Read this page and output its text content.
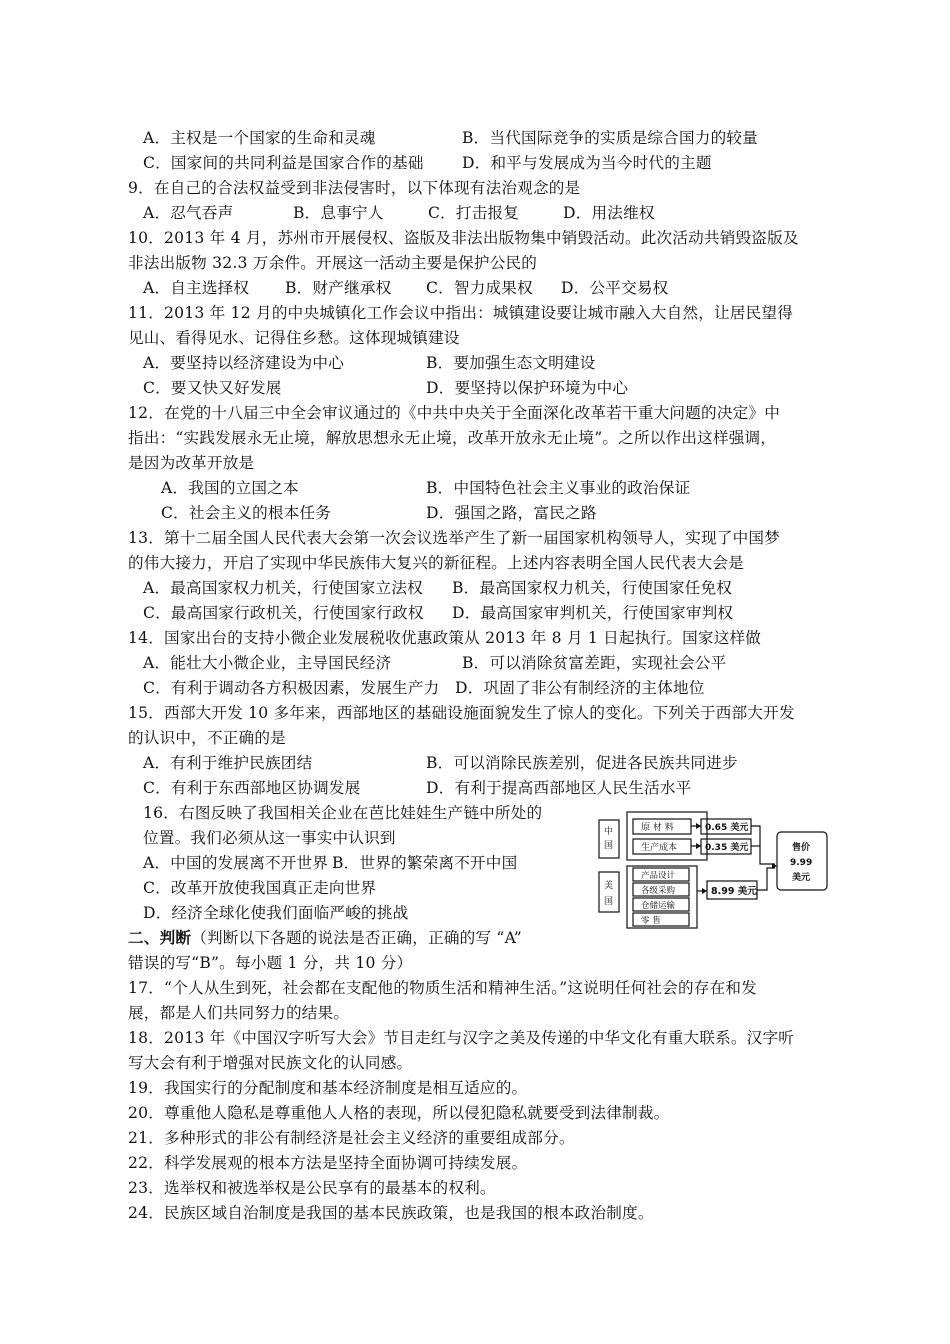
A．主权是一个国家的生命和灵魂	B．当代国际竞争的实质是综合国力的较量
C．国家间的共同利益是国家合作的基础 D．和平与发展成为当今时代的主题
9．在自己的合法权益受到非法侵害时，以下体现有法治观念的是
A．忍气吞声	B．息事宁人	C．打击报复	D．用法维权
10．2013 年 4 月，苏州市开展侵权、盗版及非法出版物集中销毁活动。此次活动共销毁盗版及
非法出版物 32.3 万余件。开展这一活动主要是保护公民的
A．自主选择权 B．财产继承权 C．智力成果权 D．公平交易权
11．2013 年 12 月的中央城镇化工作会议中指出：城镇建设要让城市融入大自然，让居民望得
见山、看得见水、记得住乡愁。这体现城镇建设
A．要坚持以经济建设为中心	B．要加强生态文明建设
C．要又快又好发展	D．要坚持以保护环境为中心
12．在党的十八届三中全会审议通过的《中共中央关于全面深化改革若干重大问题的决定》中
指出：“实践发展永无止境，解放思想永无止境，改革开放永无止境”。之所以作出这样强调，
是因为改革开放是
A．我国的立国之本	B．中国特色社会主义事业的政治保证
C．社会主义的根本任务	D．强国之路，富民之路
13．第十二届全国人民代表大会第一次会议选举产生了新一届国家机构领导人，实现了中国梦
的伟大接力，开启了实现中华民族伟大复兴的新征程。上述内容表明全国人民代表大会是
A．最高国家权力机关，行使国家立法权 B．最高国家权力机关，行使国家任免权
C．最高国家行政机关，行使国家行政权 D．最高国家审判机关，行使国家审判权
14．国家出台的支持小微企业发展税收优惠政策从 2013 年 8 月 1 日起执行。国家这样做
A．能壮大小微企业，主导国民经济	B．可以消除贫富差距，实现社会公平
C．有利于调动各方积极因素，发展生产力 D．巩固了非公有制经济的主体地位
15．西部大开发 10 多年来，西部地区的基础设施面貌发生了惊人的变化。下列关于西部大开发
的认识中，不正确的是
A．有利于维护民族团结	B．可以消除民族差别，促进各民族共同进步
C．有利于东西部地区协调发展	D．有利于提高西部地区人民生活水平
16．右图反映了我国相关企业在芭比娃娃生产链中所处的
位置。我们必须从这一事实中认识到
A．中国的发展离不开世界 B．世界的繁荣离不开中国
C．改革开放使我国真正走向世界
D．经济全球化使我们面临严峻的挑战
中
国
美
国
原 材 料
生产成本
0.65 美元
0.35 美元
产品设计
各级采购
仓储运输
零 售
8.99 美元
售价
9.99
美元
二、判断（判断以下各题的说法是否正确，正确的写 “A”
错误的写“B”。每小题 1 分，共 10 分）
17．“个人从生到死，社会都在支配他的物质生活和精神生活。”这说明任何社会的存在和发
展，都是人们共同努力的结果。
18．2013 年《中国汉字听写大会》节目走红与汉字之美及传递的中华文化有重大联系。汉字听
写大会有利于增强对民族文化的认同感。
19．我国实行的分配制度和基本经济制度是相互适应的。
20．尊重他人隐私是尊重他人人格的表现，所以侵犯隐私就要受到法律制裁。
21．多种形式的非公有制经济是社会主义经济的重要组成部分。
22．科学发展观的根本方法是坚持全面协调可持续发展。
23．选举权和被选举权是公民享有的最基本的权利。
24．民族区域自治制度是我国的基本民族政策，也是我国的根本政治制度。
